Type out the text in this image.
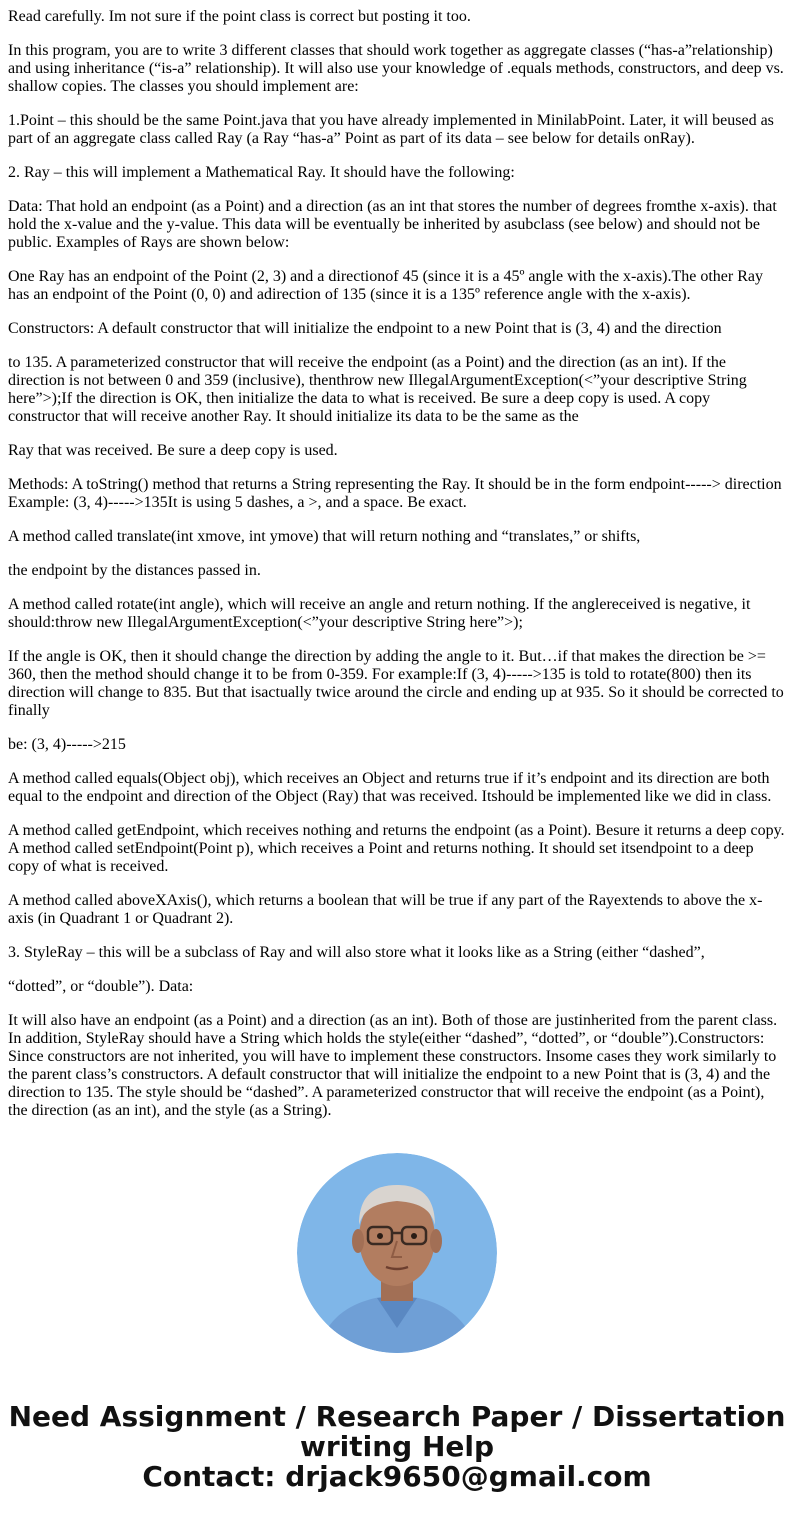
Read carefully. Im not sure if the point class is correct but posting it too.

In this program, you are to write 3 different classes that should work together as aggregate classes (“has-a”relationship) and using inheritance (“is-a” relationship). It will also use your knowledge of .equals methods, constructors, and deep vs. shallow copies. The classes you should implement are:

1.Point – this should be the same Point.java that you have already implemented in MinilabPoint. Later, it will beused as part of an aggregate class called Ray (a Ray “has-a” Point as part of its data – see below for details onRay).

2. Ray – this will implement a Mathematical Ray. It should have the following:

Data: That hold an endpoint (as a Point) and a direction (as an int that stores the number of degrees fromthe x-axis). that hold the x-value and the y-value. This data will be eventually be inherited by asubclass (see below) and should not be public. Examples of Rays are shown below:

One Ray has an endpoint of the Point (2, 3) and a directionof 45 (since it is a 45º angle with the x-axis).The other Ray has an endpoint of the Point (0, 0) and adirection of 135 (since it is a 135º reference angle with the x-axis).

Constructors: A default constructor that will initialize the endpoint to a new Point that is (3, 4) and the direction

to 135. A parameterized constructor that will receive the endpoint (as a Point) and the direction (as an int). If the direction is not between 0 and 359 (inclusive), thenthrow new IllegalArgumentException(<”your descriptive String here”>);If the direction is OK, then initialize the data to what is received. Be sure a deep copy is used. A copy constructor that will receive another Ray. It should initialize its data to be the same as the

Ray that was received. Be sure a deep copy is used.

Methods: A toString() method that returns a String representing the Ray. It should be in the form endpoint-----> direction Example: (3, 4)----->135It is using 5 dashes, a >, and a space. Be exact.

A method called translate(int xmove, int ymove) that will return nothing and “translates,” or shifts,

the endpoint by the distances passed in.

A method called rotate(int angle), which will receive an angle and return nothing. If the anglereceived is negative, it should:throw new IllegalArgumentException(<”your descriptive String here”>);

If the angle is OK, then it should change the direction by adding the angle to it. But…if that makes the direction be >= 360, then the method should change it to be from 0-359. For example:If (3, 4)----->135 is told to rotate(800) then its direction will change to 835. But that isactually twice around the circle and ending up at 935. So it should be corrected to finally

be: (3, 4)----->215

A method called equals(Object obj), which receives an Object and returns true if it’s endpoint and its direction are both equal to the endpoint and direction of the Object (Ray) that was received. Itshould be implemented like we did in class.

A method called getEndpoint, which receives nothing and returns the endpoint (as a Point). Besure it returns a deep copy. A method called setEndpoint(Point p), which receives a Point and returns nothing. It should set itsendpoint to a deep copy of what is received.

A method called aboveXAxis(), which returns a boolean that will be true if any part of the Rayextends to above the x-axis (in Quadrant 1 or Quadrant 2).

3. StyleRay – this will be a subclass of Ray and will also store what it looks like as a String (either “dashed”,

“dotted”, or “double”). Data:

It will also have an endpoint (as a Point) and a direction (as an int). Both of those are justinherited from the parent class. In addition, StyleRay should have a String which holds the style(either “dashed”, “dotted”, or “double”).Constructors: Since constructors are not inherited, you will have to implement these constructors. Insome cases they work similarly to the parent class’s constructors. A default constructor that will initialize the endpoint to a new Point that is (3, 4) and the direction to 135. The style should be “dashed”. A parameterized constructor that will receive the endpoint (as a Point), the direction (as an int), and the style (as a String).

Need Assignment / Research Paper / Dissertation
writing Help
Contact: drjack9650@gmail.com
